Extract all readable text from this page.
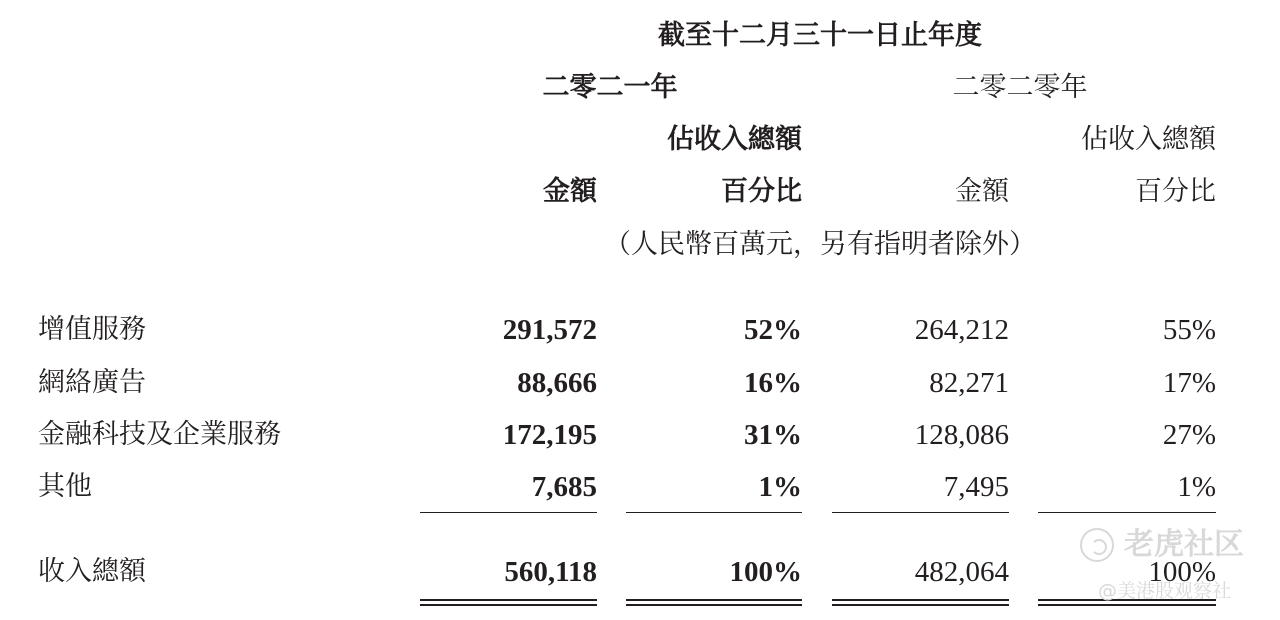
截至十二月三十一日止年度
二零二一年	二零二零年
佔收入總額	佔收入總額
金額	百分比	金額	百分比
（人民幣百萬元，另有指明者除外）
增值服務	291,572	52%	264,212	55%
網絡廣告	88,666	16%	82,271	17%
金融科技及企業服務	172,195	31%	128,086	27%
其他	7,685	1%	7,495	1%
收入總額	560,118	100%	482,064	100%
老虎社区
@美港股观察社
